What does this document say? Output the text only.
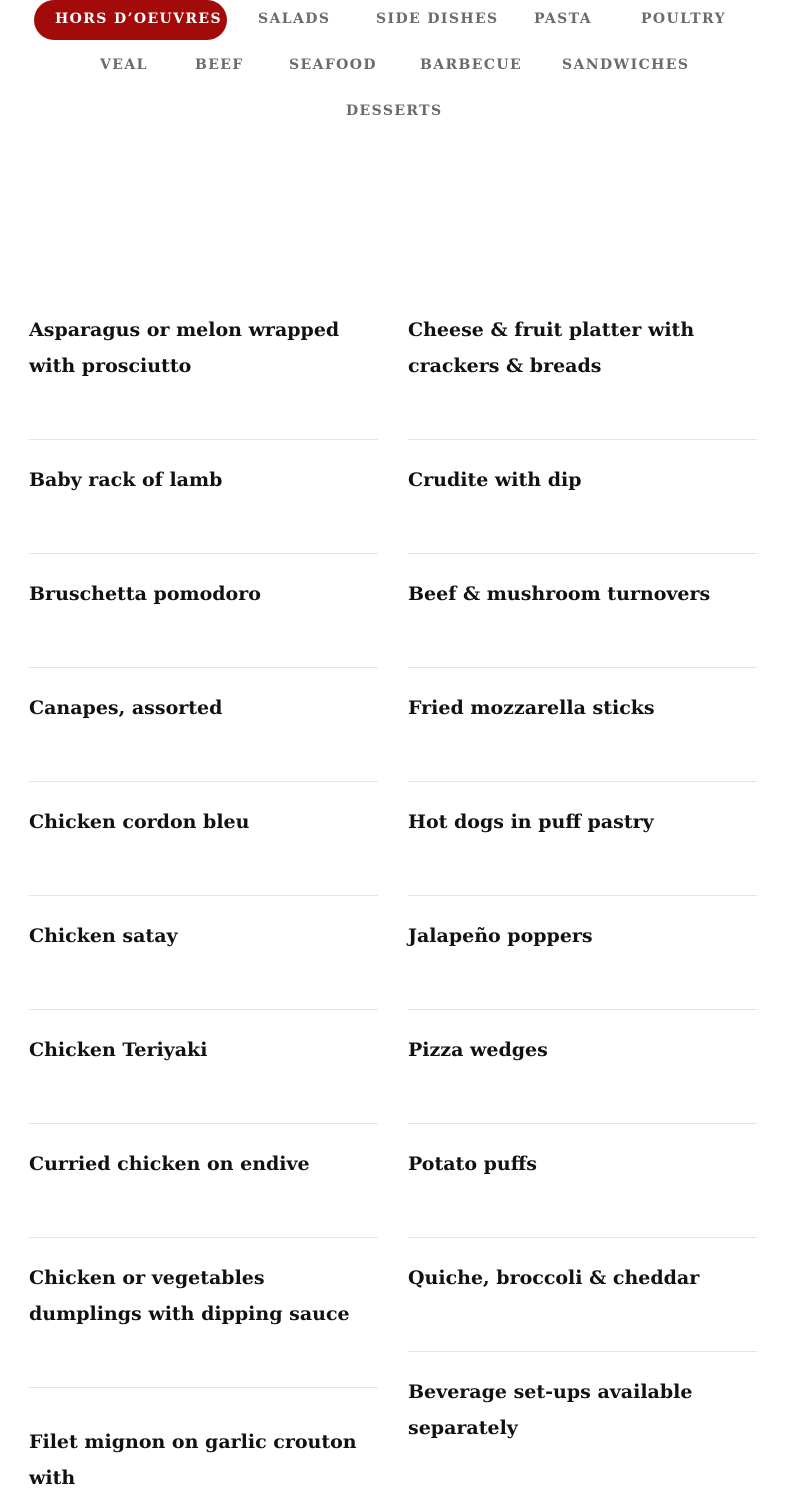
HORS D’OEUVRES	SALADS	SIDE DISHES	PASTA	POULTRY
VEAL	BEEF	SEAFOOD	BARBECUE	SANDWICHES
DESSERTS
Asparagus or melon wrapped with prosciutto
Baby rack of lamb
Bruschetta pomodoro
Canapes, assorted
Chicken cordon bleu
Chicken satay
Chicken Teriyaki
Curried chicken on endive
Chicken or vegetables dumplings with dipping sauce
Filet mignon on garlic crouton with
Cheese & fruit platter with crackers & breads
Crudite with dip
Beef & mushroom turnovers
Fried mozzarella sticks
Hot dogs in puff pastry
Jalapeño poppers
Pizza wedges
Potato puffs
Quiche, broccoli & cheddar
Beverage set-ups available separately
